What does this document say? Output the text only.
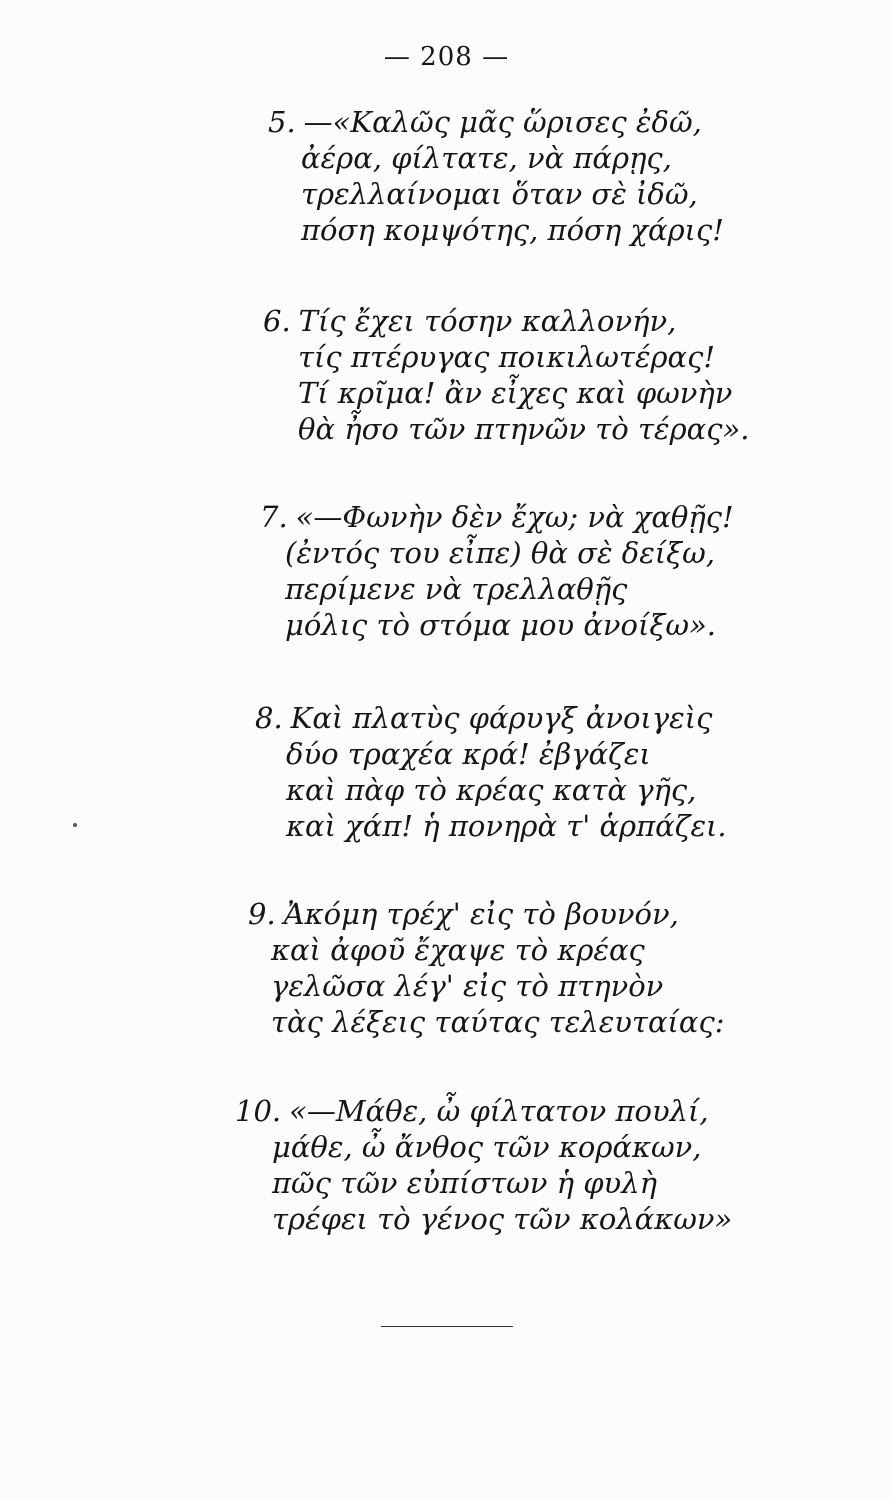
— 208 —
5. —«Καλῶς μᾶς ὥρισες ἐδῶ,
ἀέρα, φίλτατε, νὰ πάρῃς,
τρελλαίνομαι ὅταν σὲ ἰδῶ,
πόση κομψότης, πόση χάρις!
6. Τίς ἔχει τόσην καλλονήν,
τίς πτέρυγας ποικιλωτέρας!
Τί κρῖμα! ἂν εἶχες καὶ φωνὴν
θὰ ἦσο τῶν πτηνῶν τὸ τέρας».
7. «—Φωνὴν δὲν ἔχω; νὰ χαθῇς!
(ἐντός του εἶπε) θὰ σὲ δείξω,
περίμενε νὰ τρελλαθῇς
μόλις τὸ στόμα μου ἀνοίξω».
8. Καὶ πλατὺς φάρυγξ ἀνοιγεὶς
δύο τραχέα κρά! ἐβγάζει
καὶ πὰφ τὸ κρέας κατὰ γῆς,
καὶ χάπ! ἡ πονηρὰ τ' ἁρπάζει.
9. Ἀκόμη τρέχ' εἰς τὸ βουνόν,
καὶ ἀφοῦ ἔχαψε τὸ κρέας
γελῶσα λέγ' εἰς τὸ πτηνὸν
τὰς λέξεις ταύτας τελευταίας:
10. «—Μάθε, ὦ φίλτατον πουλί,
μάθε, ὦ ἄνθος τῶν κοράκων,
πῶς τῶν εὐπίστων ἡ φυλὴ
τρέφει τὸ γένος τῶν κολάκων»
